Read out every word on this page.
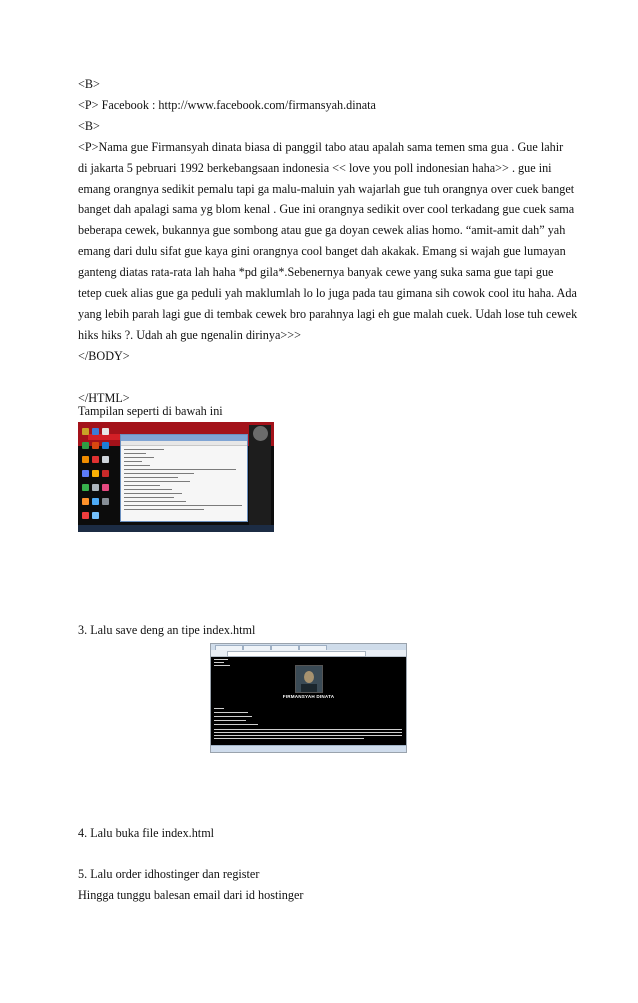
<B>
<P> Facebook : http://www.facebook.com/firmansyah.dinata
<B>
<P>Nama gue Firmansyah dinata biasa di panggil tabo atau apalah sama temen sma gua . Gue lahir
di jakarta 5 pebruari 1992 berkebangsaan indonesia << love you poll indonesian haha>> . gue ini
emang orangnya sedikit pemalu tapi ga malu-maluin yah wajarlah gue tuh orangnya over cuek banget
banget dah apalagi sama yg blom kenal . Gue ini orangnya sedikit over cool terkadang gue cuek sama
beberapa cewek, bukannya gue sombong atau gue ga doyan cewek alias homo. “amit-amit dah” yah
emang dari dulu sifat gue kaya gini orangnya cool banget dah akakak. Emang si wajah gue lumayan
ganteng diatas rata-rata lah haha *pd gila*.Sebenernya banyak cewe yang suka sama gue tapi gue
tetep cuek alias gue ga peduli yah maklumlah lo lo juga pada tau gimana sih cowok cool itu haha. Ada
yang lebih parah lagi gue di tembak cewek bro parahnya lagi eh gue malah cuek. Udah lose tuh cewek
hiks hiks ?. Udah ah gue ngenalin dirinya>>>
</BODY>

</HTML>

Tampilan seperti di bawah ini

3. Lalu save deng an tipe index.html

FIRMANSYAH DINATA

4. Lalu buka file index.html

5. Lalu order idhostinger dan register
Hingga tunggu balesan email dari id hostinger
